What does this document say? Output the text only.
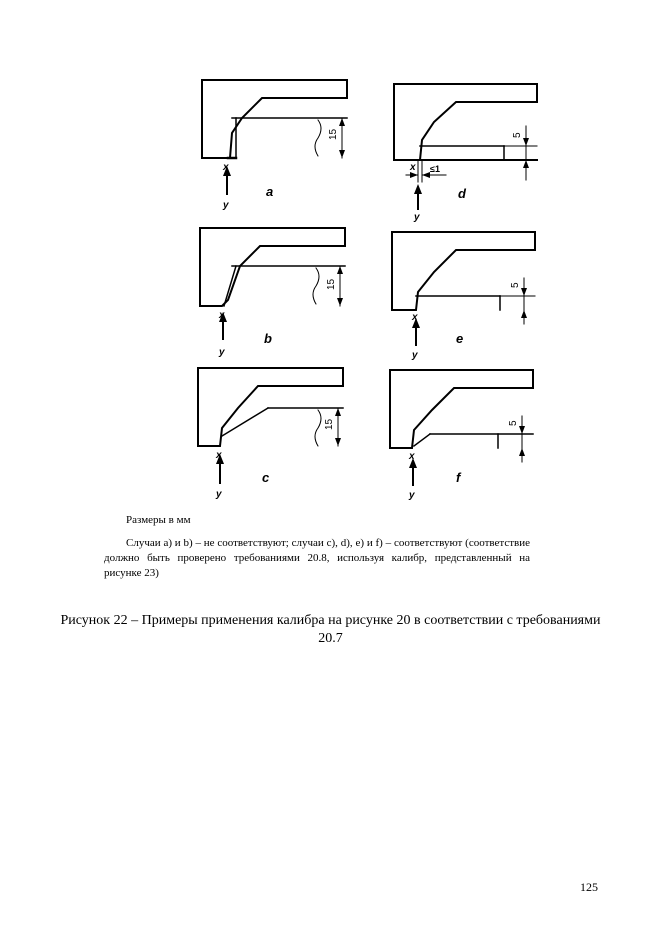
x
y
a
15
x
y
b
15
x
y
c
15
x ≤1
y
d
5
x
y
e
5
x
y
f
5
Размеры в мм
Случаи a) и b) – не соответствуют; случаи c), d), e) и f) – соответствуют (соответствие должно быть проверено требованиями 20.8, используя калибр, представленный на рисунке 23)
Рисунок 22 – Примеры применения калибра на рисунке 20 в соответствии с требованиями 20.7
125
